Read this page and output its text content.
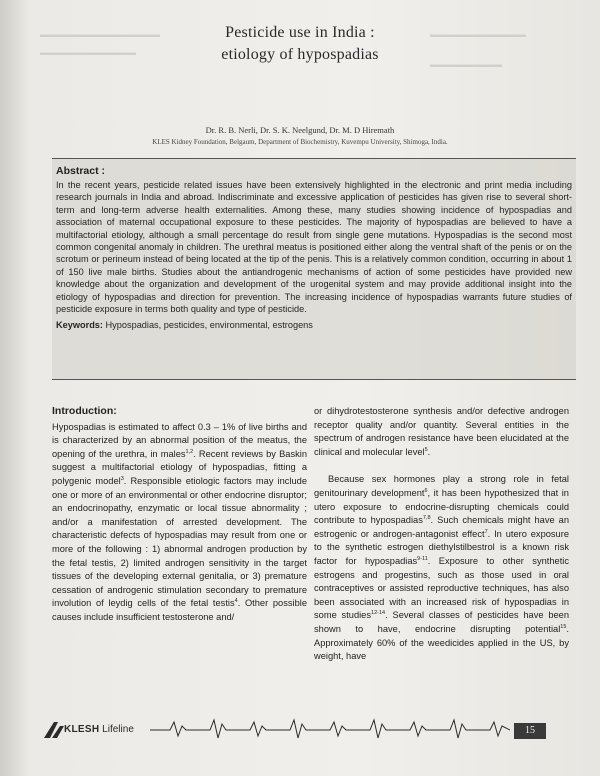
▬▬▬▬▬▬▬▬▬▬▬▬▬▬▬
▬▬▬▬▬▬▬▬▬▬▬▬
▬▬▬▬▬▬▬▬▬▬▬▬
▬▬▬▬▬▬▬▬▬
Pesticide use in India :
etiology of hypospadias
Dr. R. B. Nerli, Dr. S. K. Neelgund, Dr. M. D Hiremath
KLES Kidney Foundation, Belgaum, Department of Biochemistry, Kuvempu University, Shimoga, India.
Abstract :

In the recent years, pesticide related issues have been extensively highlighted in the electronic and print media including research journals in India and abroad. Indiscriminate and excessive application of pesticides has given rise to several short-term and long-term adverse health externalities. Among these, many studies showing incidence of hypospadias and association of maternal occupational exposure to these pesticides. The majority of hypospadias are believed to have a multifactorial etiology, although a small percentage do result from single gene mutations. Hypospadias is the second most common congenital anomaly in children. The urethral meatus is positioned either along the ventral shaft of the penis or on the scrotum or perineum instead of being located at the tip of the penis. This is a relatively common condition, occurring in about 1 of 150 live male births. Studies about the antiandrogenic mechanisms of action of some pesticides have provided new knowledge about the organization and development of the urogenital system and may provide additional insight into the etiology of hypospadias and direction for prevention. The increasing incidence of hypospadias warrants future studies of pesticide exposure in terms both quality and type of pesticide.

Keywords: Hypospadias, pesticides, environmental, estrogens
Introduction:

Hypospadias is estimated to affect 0.3 – 1% of live births and is characterized by an abnormal position of the meatus, the opening of the urethra, in males$^{1,2}$. Recent reviews by Baskin suggest a multifactorial etiology of hypospadias, fitting a polygenic model$^3$. Responsible etiologic factors may include one or more of an environmental or other endocrine disruptor; an endocrinopathy, enzymatic or local tissue abnormality ; and/or a manifestation of arrested development. The characteristic defects of hypospadias may result from one or more of the following : 1) abnormal androgen production by the fetal testis, 2) limited androgen sensitivity in the target tissues of the developing external genitalia, or 3) premature cessation of androgenic stimulation secondary to premature involution of leydig cells of the fetal testis$^4$. Other possible causes include insufficient testosterone and/

or dihydrotestosterone synthesis and/or defective androgen receptor quality and/or quantity. Several entities in the spectrum of androgen resistance have been elucidated at the clinical and molecular level$^5$.

Because sex hormones play a strong role in fetal genitourinary development$^6$, it has been hypothesized that in utero exposure to endocrine-disrupting chemicals could contribute to hypospadias$^{7,8}$. Such chemicals might have an estrogenic or androgen-antagonist effect$^7$. In utero exposure to the synthetic estrogen diethylstilbestrol is a known risk factor for hypospadias$^{9-11}$. Exposure to other synthetic estrogens and progestins, such as those used in oral contraceptives or assisted reproductive techniques, has also been associated with an increased risk of hypospadias in some studies$^{12-14}$. Several classes of pesticides have been shown to have, endocrine disrupting potential$^{15}$. Approximately 60% of the weedicides applied in the US, by weight, have

KLESH Lifeline	15
